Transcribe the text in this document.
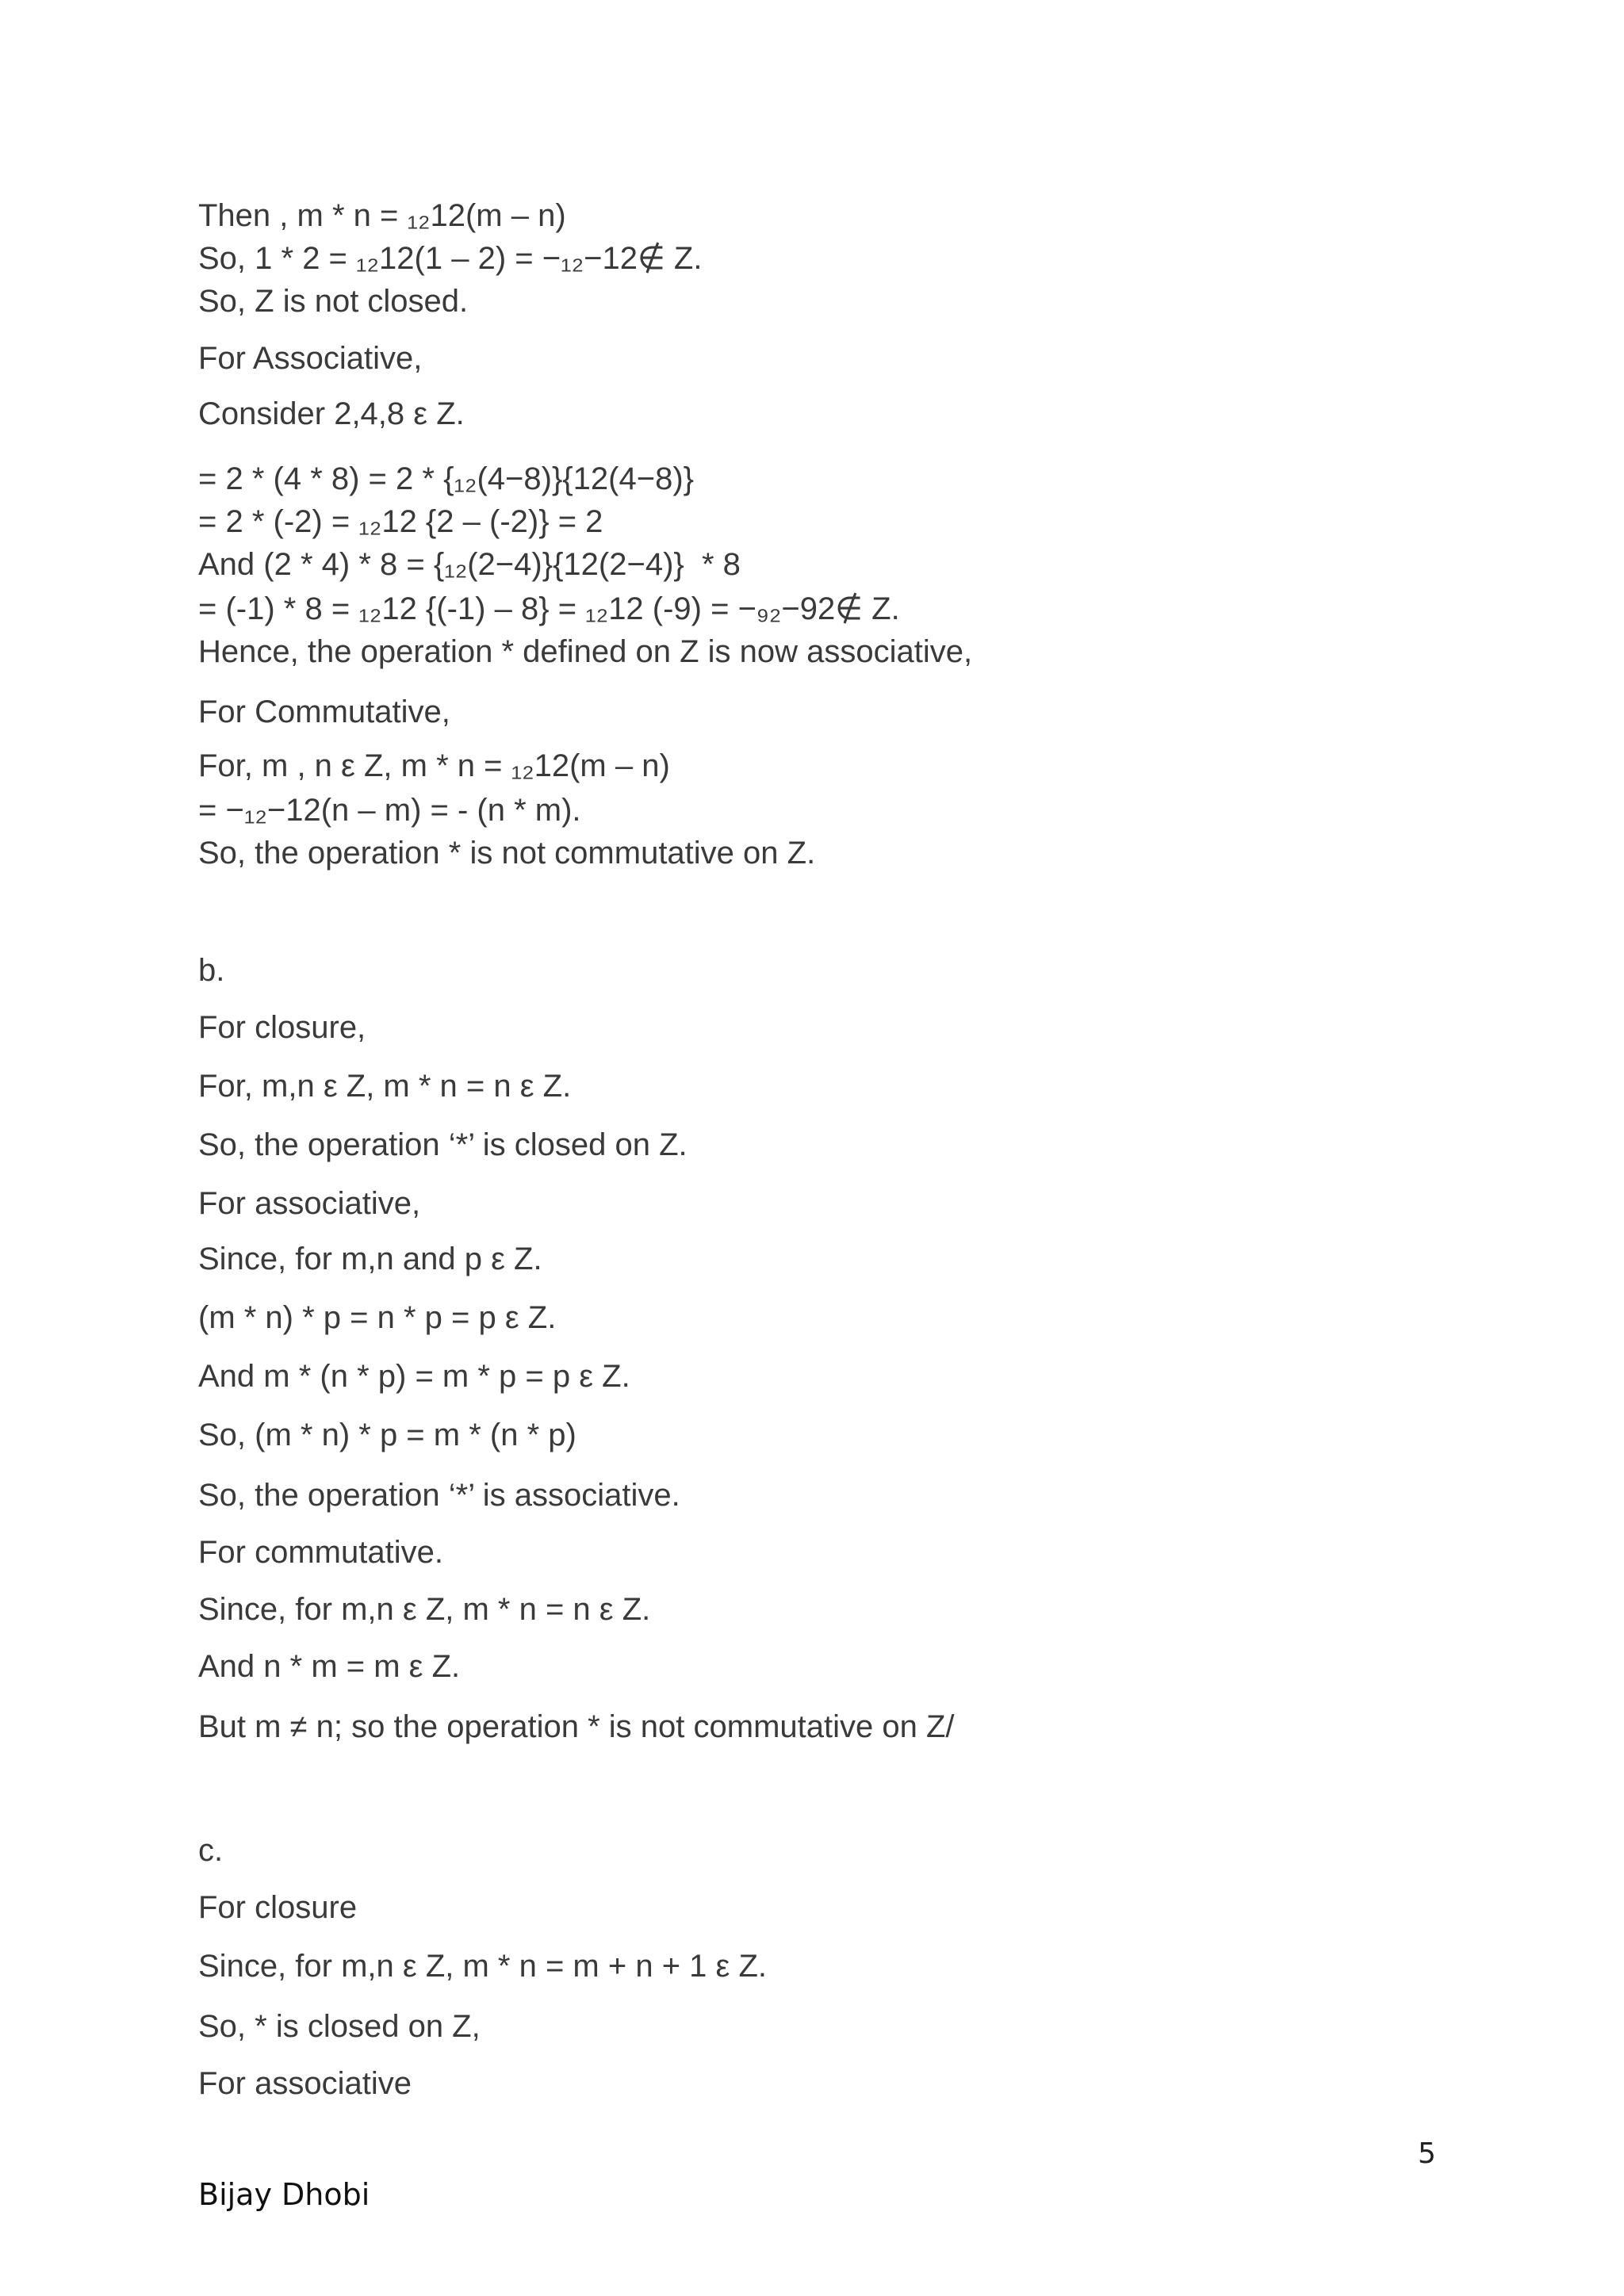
Then , m * n = ₁₂12(m – n)
So, 1 * 2 = ₁₂12(1 – 2) = −₁₂−12∉ Z.
So, Z is not closed.
For Associative,
Consider 2,4,8 ε Z.
= 2 * (4 * 8) = 2 * {₁₂(4−8)}{12(4−8)}
= 2 * (-2) = ₁₂12 {2 – (-2)} = 2
And (2 * 4) * 8 = {₁₂(2−4)}{12(2−4)}  * 8
= (-1) * 8 = ₁₂12 {(-1) – 8} = ₁₂12 (-9) = −₉₂−92∉ Z.
Hence, the operation * defined on Z is now associative,
For Commutative,
For, m , n ε Z, m * n = ₁₂12(m – n)
= −₁₂−12(n – m) = - (n * m).
So, the operation * is not commutative on Z.
b.
For closure,
For, m,n ε Z, m * n = n ε Z.
So, the operation ‘*’ is closed on Z.
For associative,
Since, for m,n and p ε Z.
(m * n) * p = n * p = p ε Z.
And m * (n * p) = m * p = p ε Z.
So, (m * n) * p = m * (n * p)
So, the operation ‘*’ is associative.
For commutative.
Since, for m,n ε Z, m * n = n ε Z.
And n * m = m ε Z.
But m ≠ n; so the operation * is not commutative on Z/
c.
For closure
Since, for m,n ε Z, m * n = m + n + 1 ε Z.
So, * is closed on Z,
For associative
5
Bijay Dhobi
